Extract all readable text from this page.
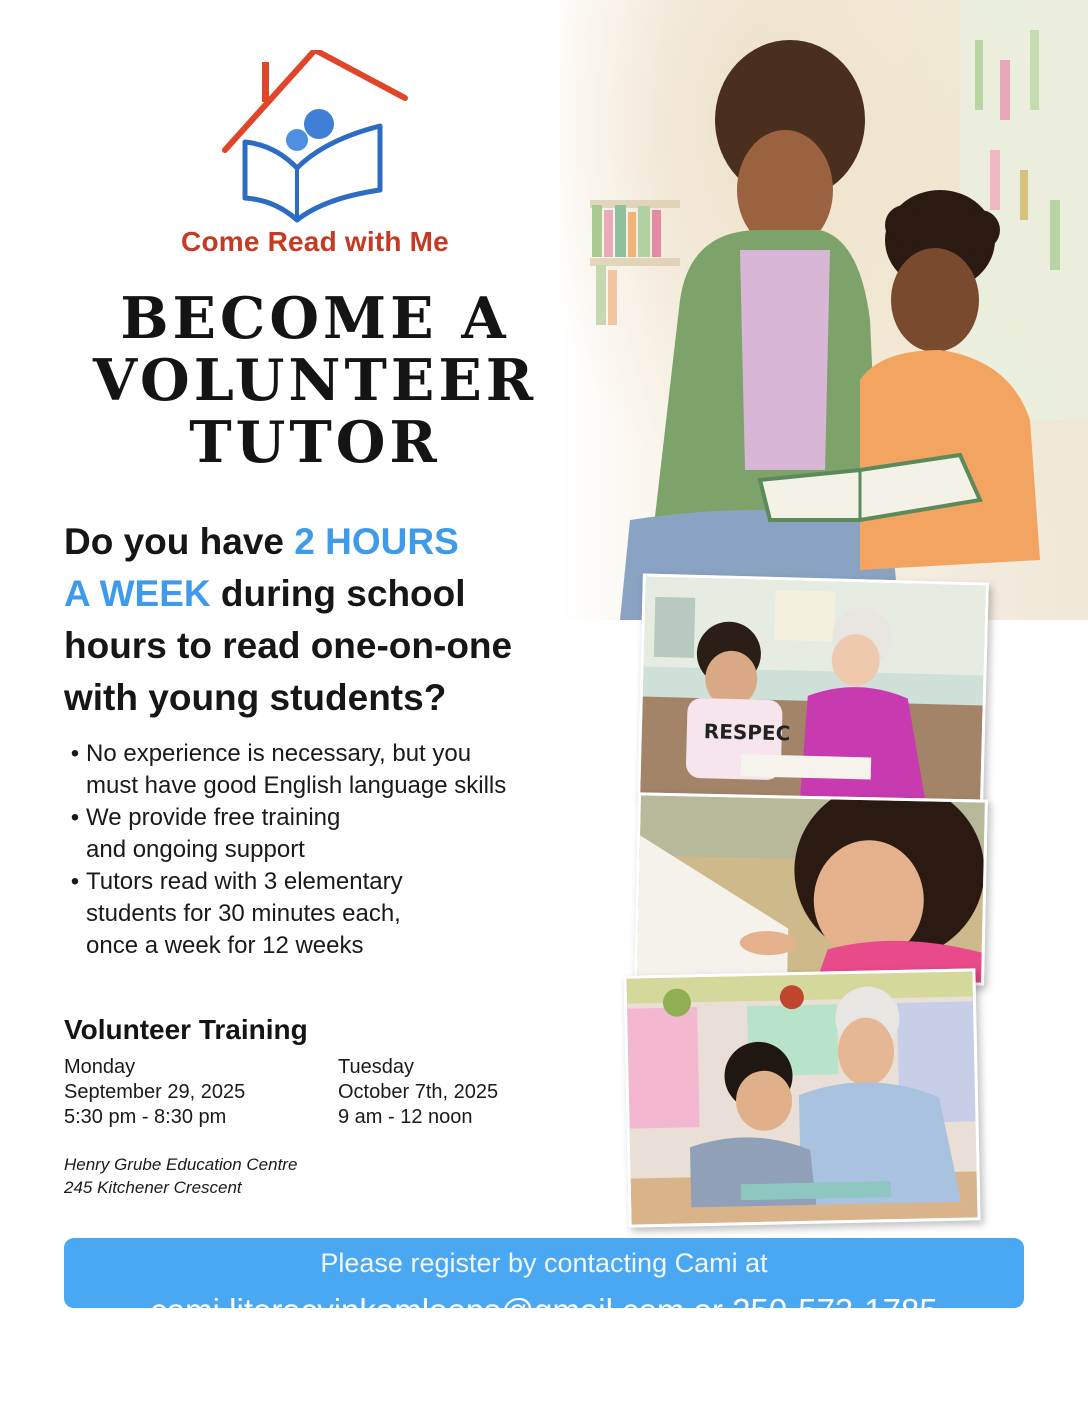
Come Read with Me
BECOME A
VOLUNTEER
TUTOR
Do you have 2 HOURS
A WEEK during school
hours to read one-on-one
with young students?
• No experience is necessary, but you
must have good English language skills
• We provide free training
and ongoing support
• Tutors read with 3 elementary
students for 30 minutes each,
once a week for 12 weeks
Volunteer Training
Monday
September 29, 2025
5:30 pm - 8:30 pm
Tuesday
October 7th, 2025
9 am - 12 noon
Henry Grube Education Centre
245 Kitchener Crescent
RESPEC
Please register by contacting Cami at
cami.literacyinkamloops@gmail.com or 250-573-1785
